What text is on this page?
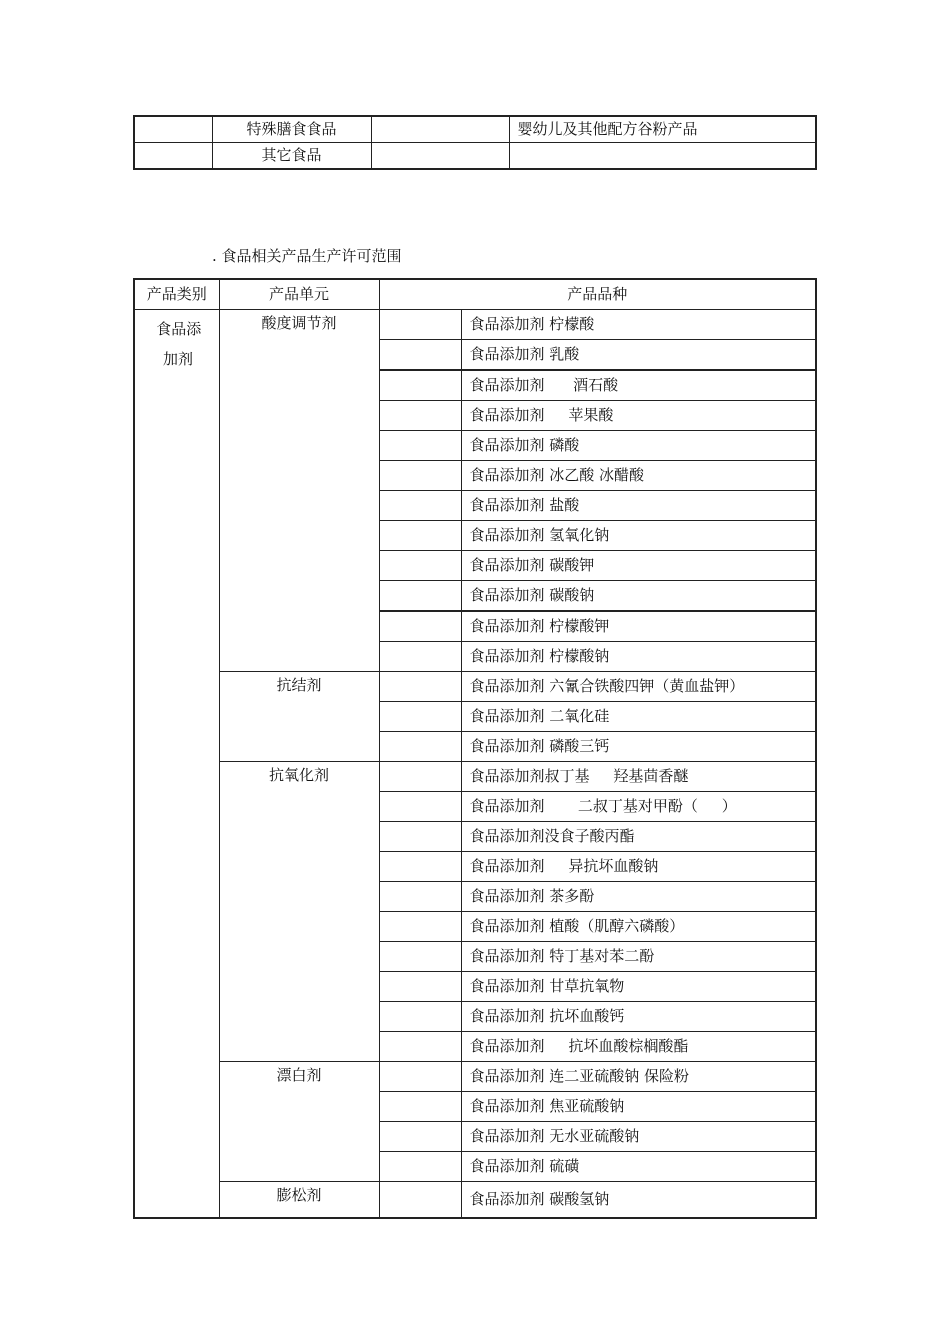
	特殊膳食食品		婴幼儿及其他配方谷粉产品
	其它食品		
. 食品相关产品生产许可范围
产品类别	产品单元	产品品种	

食品添
加剂	酸度调节剂		食品添加剂 柠檬酸
			食品添加剂 乳酸
			食品添加剂      酒石酸
			食品添加剂     苹果酸
			食品添加剂 磷酸
			食品添加剂 冰乙酸 冰醋酸
			食品添加剂 盐酸
			食品添加剂 氢氧化钠
			食品添加剂 碳酸钾
			食品添加剂 碳酸钠
			食品添加剂 柠檬酸钾
			食品添加剂 柠檬酸钠
	抗结剂		食品添加剂 六氰合铁酸四钾（黄血盐钾）
			食品添加剂 二氧化硅
			食品添加剂 磷酸三钙
	抗氧化剂		食品添加剂叔丁基     羟基茴香醚
			食品添加剂       二叔丁基对甲酚（     ）
			食品添加剂没食子酸丙酯
			食品添加剂     异抗坏血酸钠
			食品添加剂 茶多酚
			食品添加剂 植酸（肌醇六磷酸）
			食品添加剂 特丁基对苯二酚
			食品添加剂 甘草抗氧物
			食品添加剂 抗坏血酸钙
			食品添加剂     抗坏血酸棕榈酸酯
	漂白剂		食品添加剂 连二亚硫酸钠 保险粉
			食品添加剂 焦亚硫酸钠
			食品添加剂 无水亚硫酸钠
			食品添加剂 硫磺
	膨松剂		食品添加剂 碳酸氢钠
